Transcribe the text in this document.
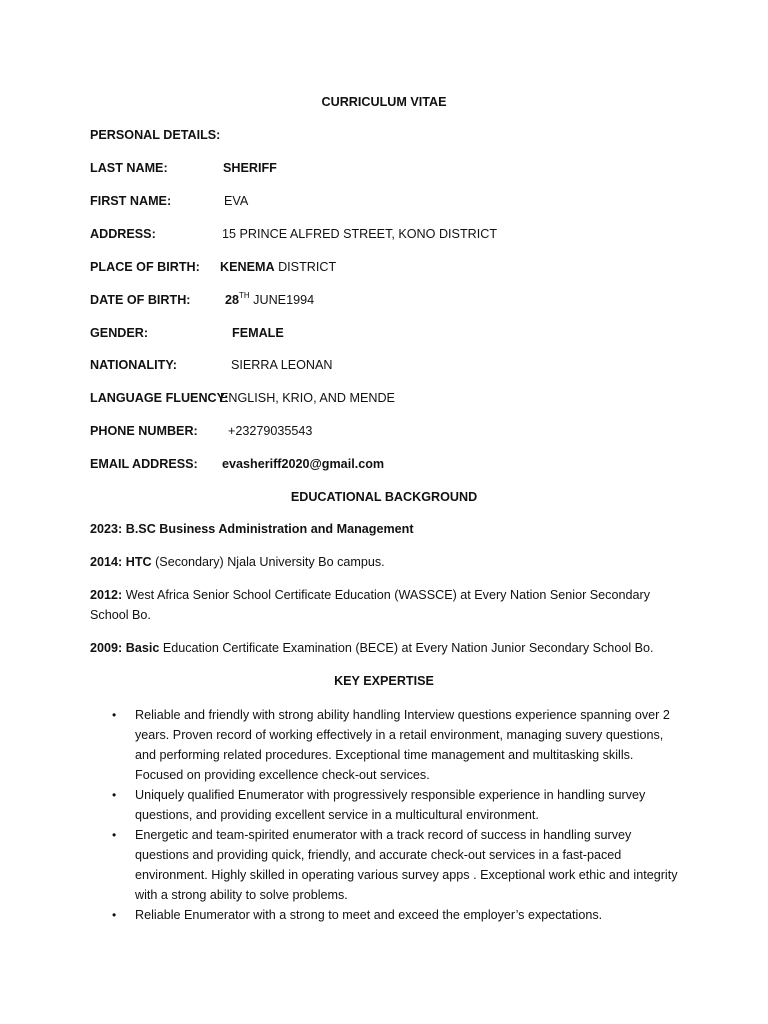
CURRICULUM VITAE
PERSONAL DETAILS:
LAST NAME:	SHERIFF
FIRST NAME:	EVA
ADDRESS:	15 PRINCE ALFRED STREET, KONO DISTRICT
PLACE OF BIRTH: KENEMA DISTRICT
DATE OF BIRTH:	28TH JUNE1994
GENDER:	FEMALE
NATIONALITY:	SIERRA LEONAN
LANGUAGE FLUENCY:
ENGLISH, KRIO, AND MENDE
PHONE NUMBER: +23279035543
EMAIL ADDRESS: evasheriff2020@gmail.com
EDUCATIONAL BACKGROUND
2023: B.SC Business Administration and Management
2014: HTC (Secondary) Njala University Bo campus.
2012: West Africa Senior School Certificate Education (WASSCE) at Every Nation Senior Secondary School Bo.
2009: Basic Education Certificate Examination (BECE) at Every Nation Junior Secondary School Bo.
KEY EXPERTISE
• Reliable and friendly with strong ability handling Interview questions experience spanning over 2 years. Proven record of working effectively in a retail environment, managing suvery questions, and performing related procedures. Exceptional time management and multitasking skills. Focused on providing excellence check-out services.
• Uniquely qualified Enumerator with progressively responsible experience in handling survey questions, and providing excellent service in a multicultural environment.
• Energetic and team-spirited enumerator with a track record of success in handling survey questions and providing quick, friendly, and accurate check-out services in a fast-paced environment. Highly skilled in operating various survey apps . Exceptional work ethic and integrity with a strong ability to solve problems.
• Reliable Enumerator with a strong to meet and exceed the employer’s expectations.
